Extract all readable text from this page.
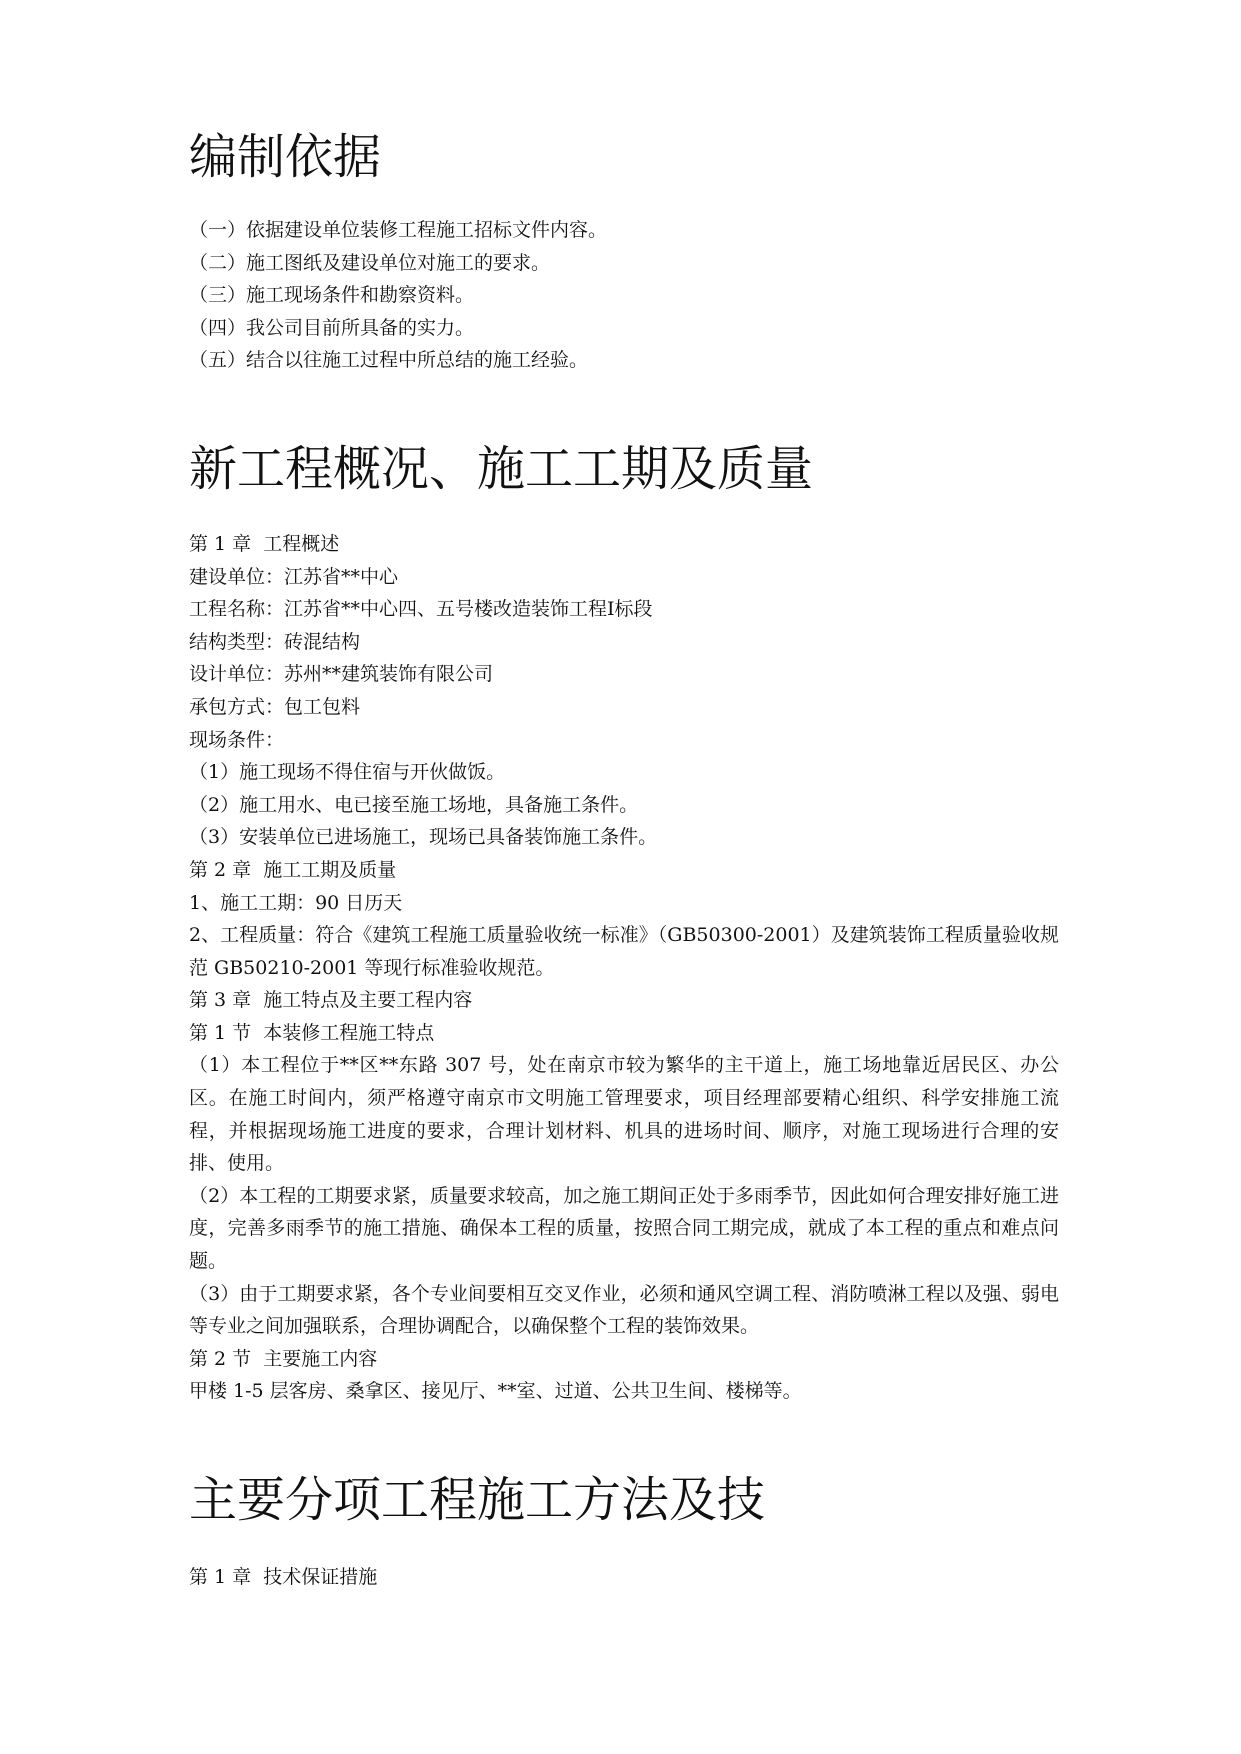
编制依据

（一）依据建设单位装修工程施工招标文件内容。

（二）施工图纸及建设单位对施工的要求。

（三）施工现场条件和勘察资料。

（四）我公司目前所具备的实力。

（五）结合以往施工过程中所总结的施工经验。

新工程概况、施工工期及质量

第 1 章  工程概述

建设单位：江苏省**中心

工程名称：江苏省**中心四、五号楼改造装饰工程Ⅰ标段

结构类型：砖混结构

设计单位：苏州**建筑装饰有限公司

承包方式：包工包料

现场条件：

（1）施工现场不得住宿与开伙做饭。

（2）施工用水、电已接至施工场地，具备施工条件。

（3）安装单位已进场施工，现场已具备装饰施工条件。

第 2 章  施工工期及质量

1、施工工期：90 日历天

2、工程质量：符合《建筑工程施工质量验收统一标准》（GB50300-2001）及建筑装饰工程质量验收规范 GB50210-2001 等现行标准验收规范。

第 3 章  施工特点及主要工程内容

第 1 节  本装修工程施工特点

（1）本工程位于**区**东路 307 号，处在南京市较为繁华的主干道上，施工场地靠近居民区、办公区。在施工时间内，须严格遵守南京市文明施工管理要求，项目经理部要精心组织、科学安排施工流程，并根据现场施工进度的要求，合理计划材料、机具的进场时间、顺序，对施工现场进行合理的安排、使用。

（2）本工程的工期要求紧，质量要求较高，加之施工期间正处于多雨季节，因此如何合理安排好施工进度，完善多雨季节的施工措施、确保本工程的质量，按照合同工期完成，就成了本工程的重点和难点问题。

（3）由于工期要求紧，各个专业间要相互交叉作业，必须和通风空调工程、消防喷淋工程以及强、弱电等专业之间加强联系，合理协调配合，以确保整个工程的装饰效果。

第 2 节  主要施工内容

甲楼 1-5 层客房、桑拿区、接见厅、**室、过道、公共卫生间、楼梯等。

主要分项工程施工方法及技

第 1 章  技术保证措施
